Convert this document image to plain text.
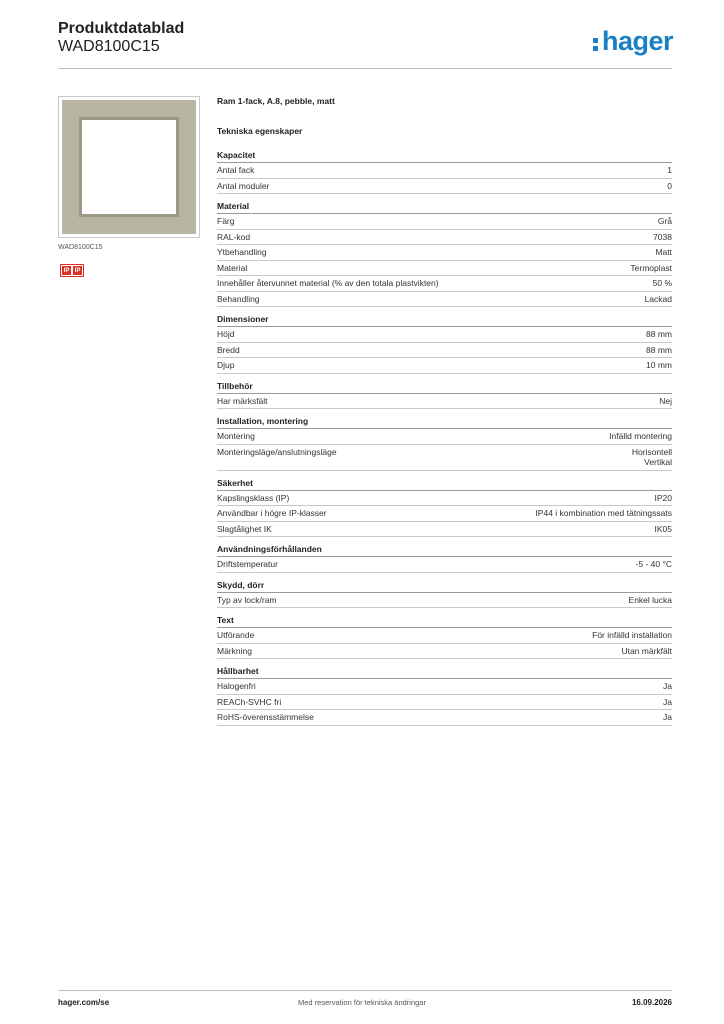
Produktdatablad
WAD8100C15	hager
WAD8100C15
IP IP
Ram 1-fack, A.8, pebble, matt
Tekniska egenskaper
Kapacitet
Antal fack	1
Antal moduler	0
Material
Färg	Grå
RAL-kod	7038
Ytbehandling	Matt
Material	Termoplast
Innehåller återvunnet material (% av den totala plastvikten)	50 %
Behandling	Lackad
Dimensioner
Höjd	88 mm
Bredd	88 mm
Djup	10 mm
Tillbehör
Har märksfält	Nej
Installation, montering
Montering	Infälld montering
Monteringsläge/anslutningsläge	Horisontell
Vertikal
Säkerhet
Kapslingsklass (IP)	IP20
Användbar i högre IP-klasser	IP44 i kombination med tätningssats
Slagtålighet IK	IK05
Användningsförhållanden
Driftstemperatur	-5 - 40 °C
Skydd, dörr
Typ av lock/ram	Enkel lucka
Text
Utförande	För infälld installation
Märkning	Utan märkfält
Hållbarhet
Halogenfri	Ja
REACh-SVHC fri	Ja
RoHS-överensstämmelse	Ja
hager.com/se	Med reservation för tekniska ändringar	16.09.2026
